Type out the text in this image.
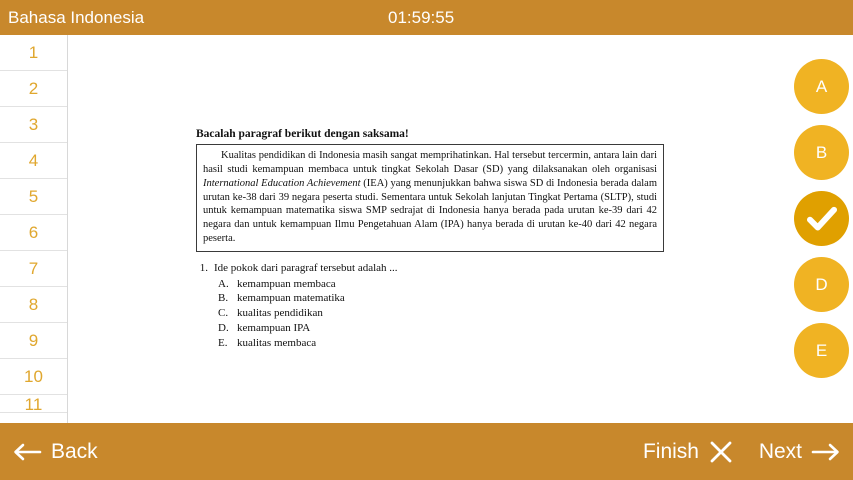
Bahasa Indonesia	01:59:55
1
2
3
4
5
6
7
8
9
10
11
Bacalah paragraf berikut dengan saksama!

Kualitas pendidikan di Indonesia masih sangat memprihatinkan. Hal tersebut tercermin, antara lain dari hasil studi kemampuan membaca untuk tingkat Sekolah Dasar (SD) yang dilaksanakan oleh organisasi International Education Achievement (IEA) yang menunjukkan bahwa siswa SD di Indonesia berada dalam urutan ke-38 dari 39 negara peserta studi. Sementara untuk Sekolah lanjutan Tingkat Pertama (SLTP), studi untuk kemampuan matematika siswa SMP sedrajat di Indonesia hanya berada pada urutan ke-39 dari 42 negara dan untuk kemampuan Ilmu Pengetahuan Alam (IPA) hanya berada di urutan ke-40 dari 42 negara peserta.

1. Ide pokok dari paragraf tersebut adalah ...
A. kemampuan membaca
B. kemampuan matematika
C. kualitas pendidikan
D. kemampuan IPA
E. kualitas membaca
A
B
D
E
Back	Finish	Next
